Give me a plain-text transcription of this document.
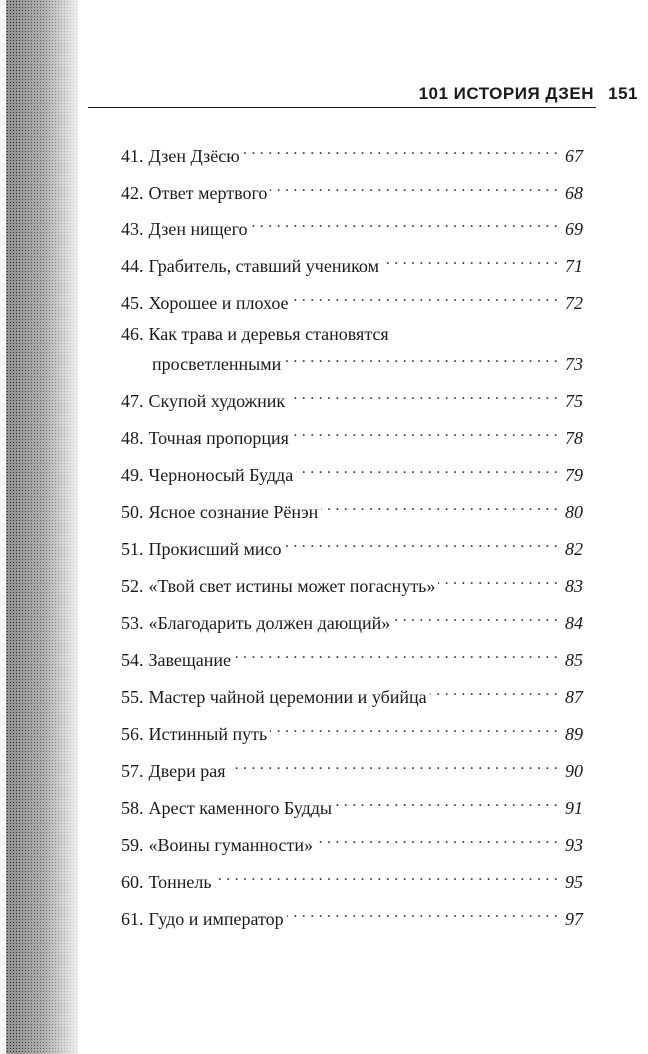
101 ИСТОРИЯ ДЗЕН 151
41. Дзен Дзёсю . . .	67
42. Ответ мертвого . . .	68
43. Дзен нищего . . .	69
44. Грабитель, ставший учеником . . .	71
45. Хорошее и плохое . . .	72
46. Как трава и деревья становятся
просветленными . . .	73
47. Скупой художник . . .	75
48. Точная пропорция . . .	78
49. Черноносый Будда . . .	79
50. Ясное сознание Рёнэн . . .	80
51. Прокисший мисо . . .	82
52. «Твой свет истины может погаснуть» . . .	83
53. «Благодарить должен дающий» . . .	84
54. Завещание . . .	85
55. Мастер чайной церемонии и убийца . . .	87
56. Истинный путь . . .	89
57. Двери рая . . .	90
58. Арест каменного Будды . . .	91
59. «Воины гуманности» . . .	93
60. Тоннель . . .	95
61. Гудо и император . . .	97
